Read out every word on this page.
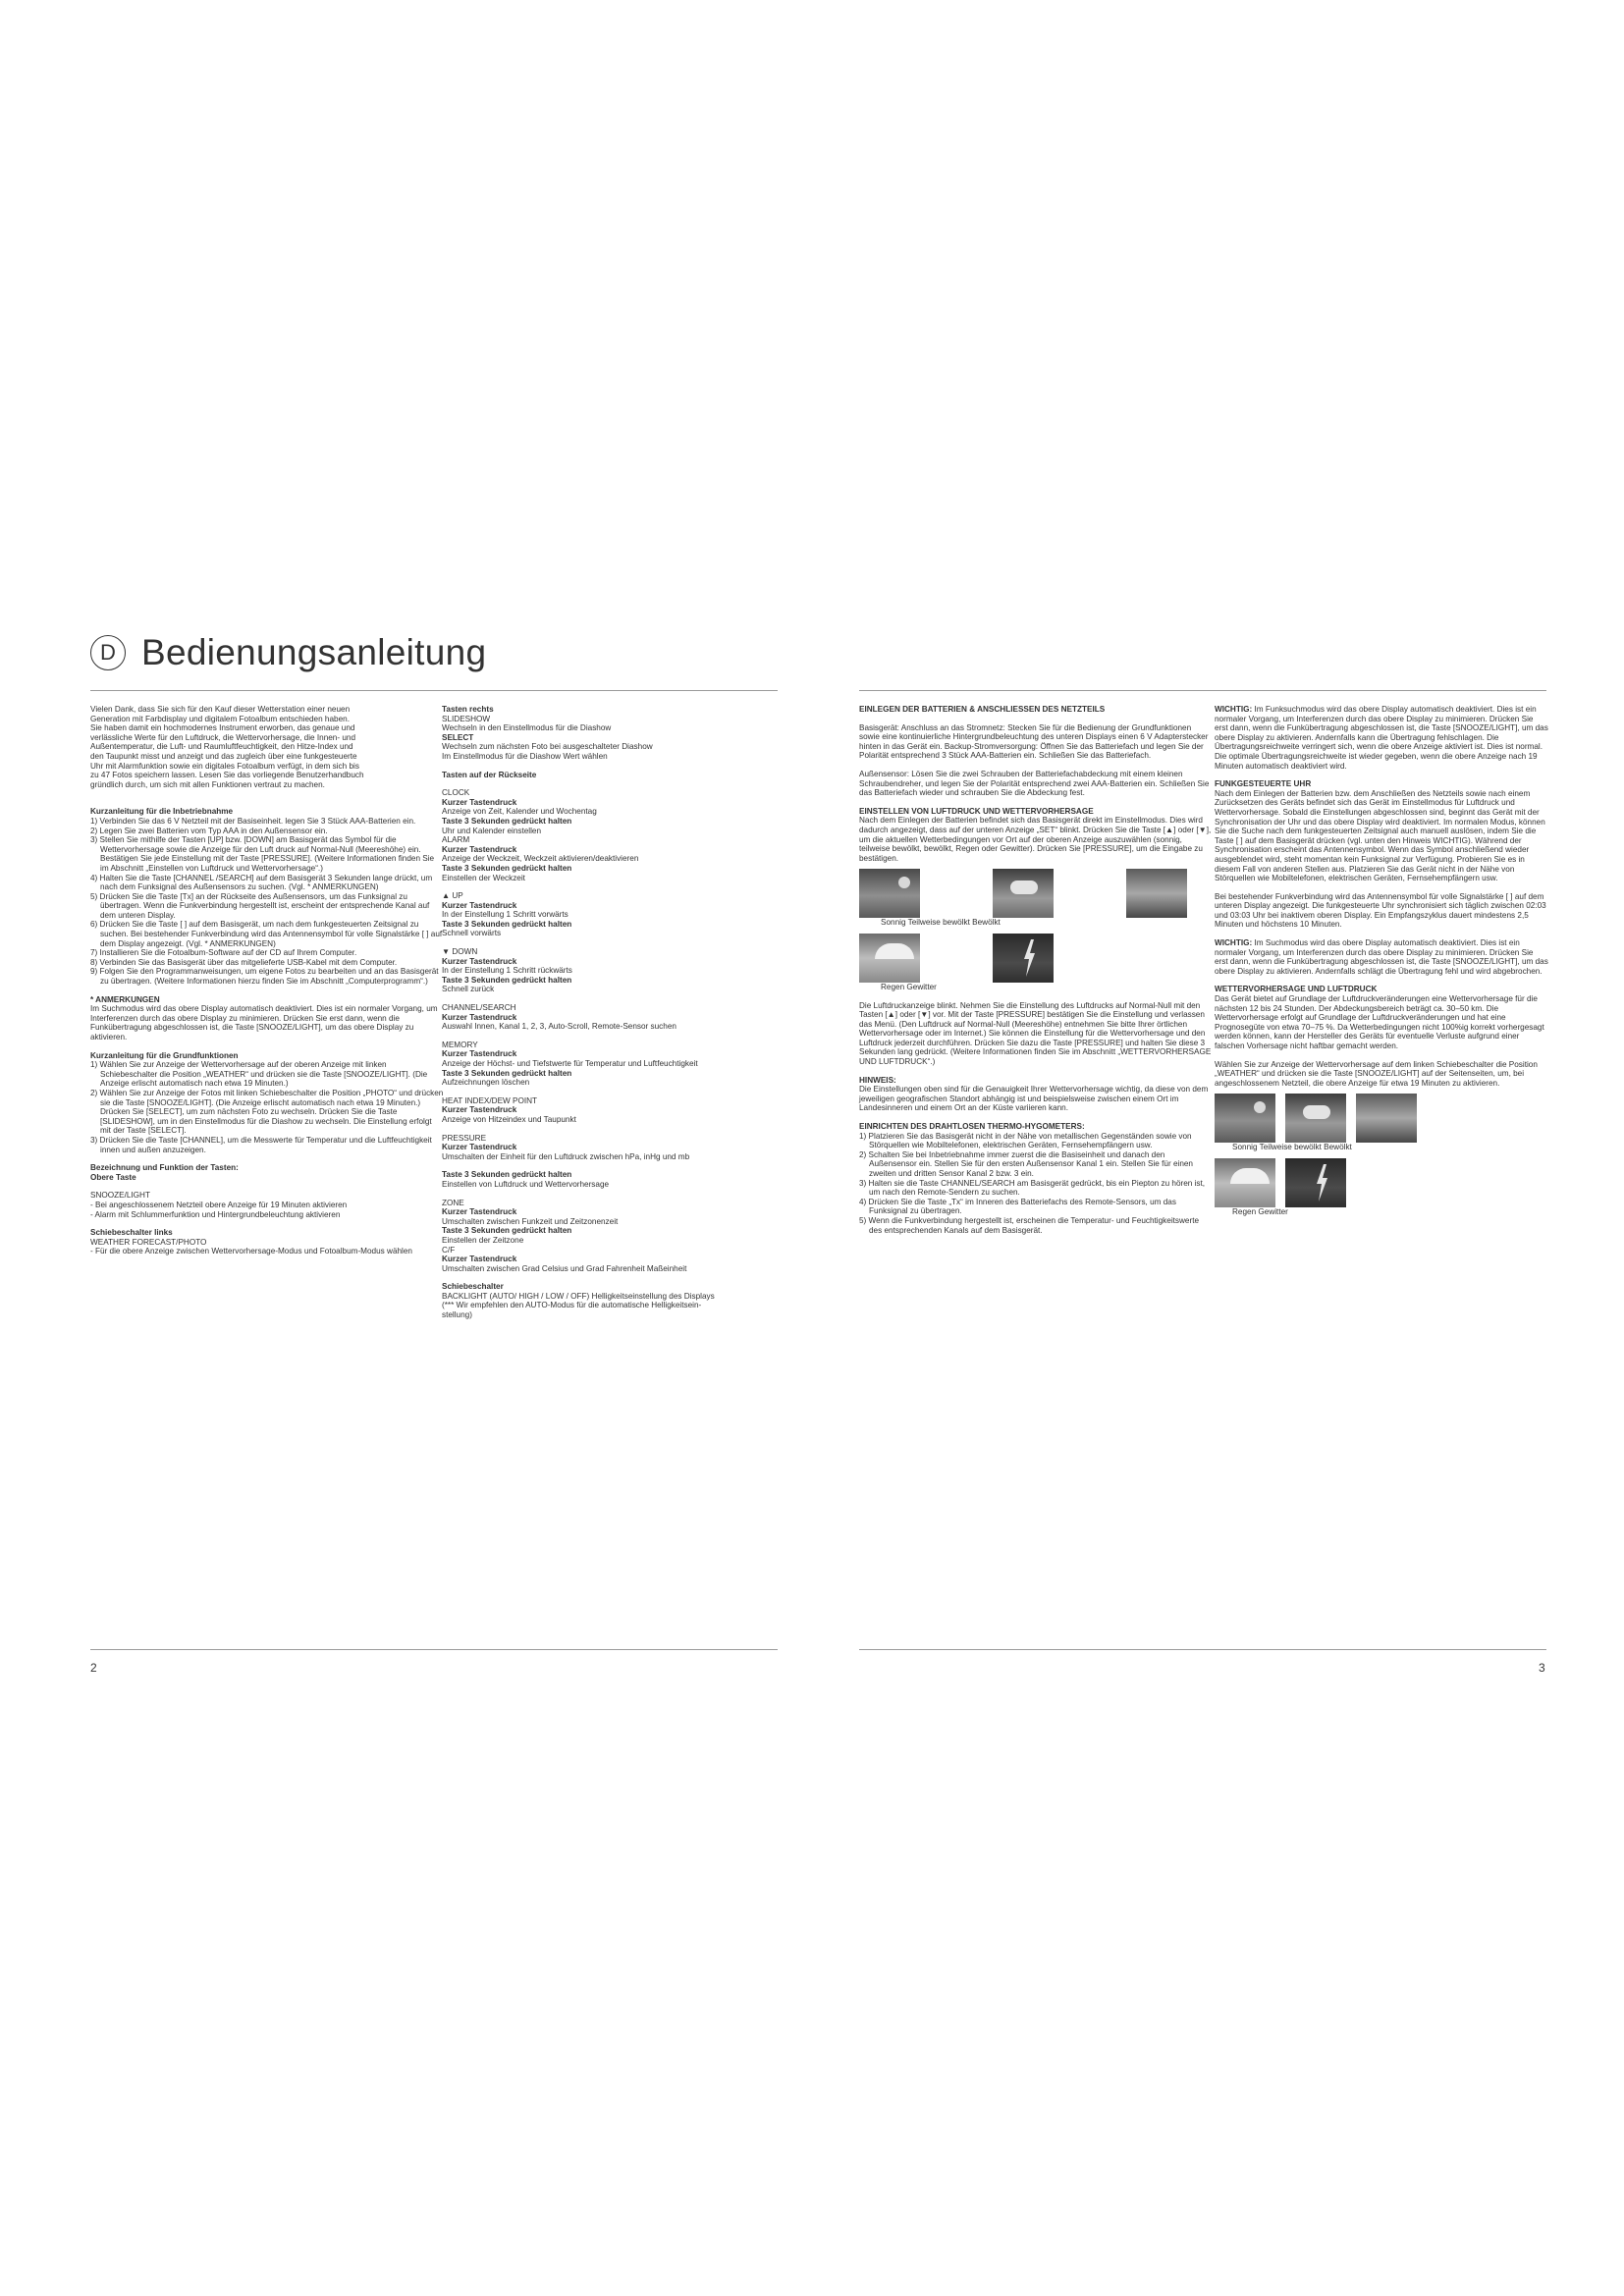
D Bedienungsanleitung

Vielen Dank, dass Sie sich für den Kauf dieser Wetterstation einer neuen

Generation mit Farbdisplay und digitalem Fotoalbum entschieden haben.

Sie haben damit ein hochmodernes Instrument erworben, das genaue und

verlässliche Werte für den Luftdruck, die Wettervorhersage, die Innen- und

Außentemperatur, die Luft- und Raumluftfeuchtigkeit, den Hitze-Index und

den Taupunkt misst und anzeigt und das zugleich über eine funkgesteuerte

Uhr mit Alarmfunktion sowie ein digitales Fotoalbum verfügt, in dem sich bis

zu 47 Fotos speichern lassen. Lesen Sie das vorliegende Benutzerhandbuch

gründlich durch, um sich mit allen Funktionen vertraut zu machen.

Kurzanleitung für die Inbetriebnahme

1) Verbinden Sie das 6 V Netzteil mit der Basiseinheit. legen Sie 3 Stück AAA-Batterien ein.

2) Legen Sie zwei Batterien vom Typ AAA in den Außensensor ein.

3) Stellen Sie mithilfe der Tasten [UP] bzw. [DOWN] am Basisgerät das Symbol für die Wettervorhersage sowie die Anzeige für den Luft druck auf Normal-Null (Meereshöhe) ein. Bestätigen Sie jede Einstellung mit der Taste [PRESSURE]. (Weitere Informationen finden Sie im Abschnitt „Einstellen von Luftdruck und Wettervorhersage“.)

4) Halten Sie die Taste [CHANNEL /SEARCH] auf dem Basisgerät 3 Sekunden lange drückt, um nach dem Funksignal des Außensensors zu suchen. (Vgl. * ANMERKUNGEN)

5) Drücken Sie die Taste [Tx] an der Rückseite des Außensensors, um das Funksignal zu übertragen. Wenn die Funkverbindung hergestellt ist, erscheint der entsprechende Kanal auf dem unteren Display.

6) Drücken Sie die Taste [ ] auf dem Basisgerät, um nach dem funkgesteuerten Zeitsignal zu suchen. Bei bestehender Funkverbindung wird das Antennensymbol für volle Signalstärke [ ] auf dem Display angezeigt. (Vgl. * ANMERKUNGEN)

7) Installieren Sie die Fotoalbum-Software auf der CD auf Ihrem Computer.

8) Verbinden Sie das Basisgerät über das mitgelieferte USB-Kabel mit dem Computer.

9) Folgen Sie den Programmanweisungen, um eigene Fotos zu bearbeiten und an das Basisgerät zu übertragen. (Weitere Informationen hierzu finden Sie im Abschnitt „Computerprogramm“.)

* ANMERKUNGEN

Im Suchmodus wird das obere Display automatisch deaktiviert. Dies ist ein normaler Vorgang, um Interferenzen durch das obere Display zu minimieren. Drücken Sie erst dann, wenn die Funkübertragung abgeschlossen ist, die Taste [SNOOZE/LIGHT], um das obere Display zu aktivieren.

Kurzanleitung für die Grundfunktionen

1) Wählen Sie zur Anzeige der Wettervorhersage auf der oberen Anzeige mit linken Schiebeschalter die Position „WEATHER“ und drücken sie die Taste [SNOOZE/LIGHT]. (Die Anzeige erlischt automatisch nach etwa 19 Minuten.)

2) Wählen Sie zur Anzeige der Fotos mit linken Schiebeschalter die Position „PHOTO“ und drücken sie die Taste [SNOOZE/LIGHT]. (Die Anzeige erlischt automatisch nach etwa 19 Minuten.) Drücken Sie [SELECT], um zum nächsten Foto zu wechseln. Drücken Sie die Taste [SLIDESHOW], um in den Einstellmodus für die Diashow zu wechseln. Die Einstellung erfolgt mit der Taste [SELECT].

3) Drücken Sie die Taste [CHANNEL], um die Messwerte für Temperatur und die Luftfeuchtigkeit innen und außen anzuzeigen.

Bezeichnung und Funktion der Tasten:

Obere Taste

SNOOZE/LIGHT

- Bei angeschlossenem Netzteil obere Anzeige für 19 Minuten aktivieren

- Alarm mit Schlummerfunktion und Hintergrundbeleuchtung aktivieren

Schiebeschalter links

WEATHER FORECAST/PHOTO

- Für die obere Anzeige zwischen Wettervorhersage-Modus und Fotoalbum-Modus wählen

Tasten rechts

SLIDESHOW

Wechseln in den Einstellmodus für die Diashow

SELECT

Wechseln zum nächsten Foto bei ausgeschalteter Diashow

Im Einstellmodus für die Diashow Wert wählen

Tasten auf der Rückseite

CLOCK

Kurzer Tastendruck

Anzeige von Zeit, Kalender und Wochentag

Taste 3 Sekunden gedrückt halten

Uhr und Kalender einstellen

ALARM

Kurzer Tastendruck

Anzeige der Weckzeit, Weckzeit aktivieren/deaktivieren

Taste 3 Sekunden gedrückt halten

Einstellen der Weckzeit

▲ UP

Kurzer Tastendruck

In der Einstellung 1 Schritt vorwärts

Taste 3 Sekunden gedrückt halten

Schnell vorwärts

▼ DOWN

Kurzer Tastendruck

In der Einstellung 1 Schritt rückwärts

Taste 3 Sekunden gedrückt halten

Schnell zurück

CHANNEL/SEARCH

Kurzer Tastendruck

Auswahl Innen, Kanal 1, 2, 3, Auto-Scroll, Remote-Sensor suchen

MEMORY

Kurzer Tastendruck

Anzeige der Höchst- und Tiefstwerte für Temperatur und Luftfeuchtigkeit

Taste 3 Sekunden gedrückt halten

Aufzeichnungen löschen

HEAT INDEX/DEW POINT

Kurzer Tastendruck

Anzeige von Hitzeindex und Taupunkt

PRESSURE

Kurzer Tastendruck

Umschalten der Einheit für den Luftdruck zwischen hPa, inHg und mb

Taste 3 Sekunden gedrückt halten

Einstellen von Luftdruck und Wettervorhersage

ZONE

Kurzer Tastendruck

Umschalten zwischen Funkzeit und Zeitzonenzeit

Taste 3 Sekunden gedrückt halten

Einstellen der Zeitzone

C/F

Kurzer Tastendruck

Umschalten zwischen Grad Celsius und Grad Fahrenheit Maßeinheit

Schiebeschalter

BACKLIGHT (AUTO/ HIGH / LOW / OFF) Helligkeitseinstellung des Displays

(*** Wir empfehlen den AUTO-Modus für die automatische Helligkeitsein-

stellung)

2

EINLEGEN DER BATTERIEN & ANSCHLIESSEN DES NETZTEILS

Basisgerät: Anschluss an das Stromnetz: Stecken Sie für die Bedienung der Grundfunktionen sowie eine kontinuierliche Hintergrundbeleuchtung des unteren Displays einen 6 V Adapterstecker hinten in das Gerät ein. Backup-Stromversorgung: Öffnen Sie das Batteriefach und legen Sie der Polarität entsprechend 3 Stück AAA-Batterien ein. Schließen Sie das Batteriefach.

Außensensor: Lösen Sie die zwei Schrauben der Batteriefachabdeckung mit einem kleinen Schraubendreher, und legen Sie der Polarität entsprechend zwei AAA-Batterien ein. Schließen Sie das Batteriefach wieder und schrauben Sie die Abdeckung fest.

EINSTELLEN VON LUFTDRUCK UND WETTERVORHERSAGE

Nach dem Einlegen der Batterien befindet sich das Basisgerät direkt im Einstellmodus. Dies wird dadurch angezeigt, dass auf der unteren Anzeige „SET“ blinkt. Drücken Sie die Taste [▲] oder [▼], um die aktuellen Wetterbedingungen vor Ort auf der oberen Anzeige auszuwählen (sonnig, teilweise bewölkt, bewölkt, Regen oder Gewitter). Drücken Sie [PRESSURE], um die Eingabe zu bestätigen.

Sonnig Teilweise bewölkt Bewölkt

Regen Gewitter

Die Luftdruckanzeige blinkt. Nehmen Sie die Einstellung des Luftdrucks auf Normal-Null mit den Tasten [▲] oder [▼] vor. Mit der Taste [PRESSURE] bestätigen Sie die Einstellung und verlassen das Menü. (Den Luftdruck auf Normal-Null (Meereshöhe) entnehmen Sie bitte Ihrer örtlichen Wettervorhersage oder im Internet.) Sie können die Einstellung für die Wettervorhersage und den Luftdruck jederzeit durchführen. Drücken Sie dazu die Taste [PRESSURE] und halten Sie diese 3 Sekunden lang gedrückt. (Weitere Informationen finden Sie im Abschnitt „WETTERVORHERSAGE UND LUFTDRUCK“.)

HINWEIS:

Die Einstellungen oben sind für die Genauigkeit Ihrer Wettervorhersage wichtig, da diese von dem jeweiligen geografischen Standort abhängig ist und beispielsweise zwischen einem Ort im Landesinneren und einem Ort an der Küste variieren kann.

EINRICHTEN DES DRAHTLOSEN THERMO-HYGOMETERS:

1) Platzieren Sie das Basisgerät nicht in der Nähe von metallischen Gegenständen sowie von Störquellen wie Mobiltelefonen, elektrischen Geräten, Fernsehempfängern usw.

2) Schalten Sie bei Inbetriebnahme immer zuerst die die Basiseinheit und danach den Außensensor ein. Stellen Sie für den ersten Außensensor Kanal 1 ein. Stellen Sie für einen zweiten und dritten Sensor Kanal 2 bzw. 3 ein.

3) Halten sie die Taste CHANNEL/SEARCH am Basisgerät gedrückt, bis ein Piepton zu hören ist, um nach den Remote-Sendern zu suchen.

4) Drücken Sie die Taste „Tx“ im Inneren des Batteriefachs des Remote-Sensors, um das Funksignal zu übertragen.

5) Wenn die Funkverbindung hergestellt ist, erscheinen die Temperatur- und Feuchtigkeitswerte des entsprechenden Kanals auf dem Basisgerät.

WICHTIG: Im Funksuchmodus wird das obere Display automatisch deaktiviert. Dies ist ein normaler Vorgang, um Interferenzen durch das obere Display zu minimieren. Drücken Sie erst dann, wenn die Funkübertragung abgeschlossen ist, die Taste [SNOOZE/LIGHT], um das obere Display zu aktivieren. Andernfalls kann die Übertragung fehlschlagen. Die Übertragungsreichweite verringert sich, wenn die obere Anzeige aktiviert ist. Dies ist normal. Die optimale Übertragungsreichweite ist wieder gegeben, wenn die obere Anzeige nach 19 Minuten automatisch deaktiviert wird.

FUNKGESTEUERTE UHR

Nach dem Einlegen der Batterien bzw. dem Anschließen des Netzteils sowie nach einem Zurücksetzen des Geräts befindet sich das Gerät im Einstellmodus für Luftdruck und Wettervorhersage. Sobald die Einstellungen abgeschlossen sind, beginnt das Gerät mit der Synchronisation der Uhr und das obere Display wird deaktiviert. Im normalen Modus, können Sie die Suche nach dem funkgesteuerten Zeitsignal auch manuell auslösen, indem Sie die Taste [ ] auf dem Basisgerät drücken (vgl. unten den Hinweis WICHTIG). Während der Synchronisation erscheint das Antennensymbol. Wenn das Symbol anschließend wieder ausgeblendet wird, steht momentan kein Funksignal zur Verfügung. Probieren Sie es in diesem Fall von anderen Stellen aus. Platzieren Sie das Gerät nicht in der Nähe von Störquellen wie Mobiltelefonen, elektrischen Geräten, Fernsehempfängern usw.

Bei bestehender Funkverbindung wird das Antennensymbol für volle Signalstärke [ ] auf dem unteren Display angezeigt. Die funkgesteuerte Uhr synchronisiert sich täglich zwischen 02:03 und 03:03 Uhr bei inaktivem oberen Display. Ein Empfangszyklus dauert mindestens 2,5 Minuten und höchstens 10 Minuten.

WICHTIG: Im Suchmodus wird das obere Display automatisch deaktiviert. Dies ist ein normaler Vorgang, um Interferenzen durch das obere Display zu minimieren. Drücken Sie erst dann, wenn die Funkübertragung abgeschlossen ist, die Taste [SNOOZE/LIGHT], um das obere Display zu aktivieren. Andernfalls schlägt die Übertragung fehl und wird abgebrochen.

WETTERVORHERSAGE UND LUFTDRUCK

Das Gerät bietet auf Grundlage der Luftdruckveränderungen eine Wettervorhersage für die nächsten 12 bis 24 Stunden. Der Abdeckungsbereich beträgt ca. 30–50 km. Die Wettervorhersage erfolgt auf Grundlage der Luftdruckveränderungen und hat eine Prognosegüte von etwa 70–75 %. Da Wetterbedingungen nicht 100%ig korrekt vorhergesagt werden können, kann der Hersteller des Geräts für eventuelle Verluste aufgrund einer falschen Vorhersage nicht haftbar gemacht werden.

Wählen Sie zur Anzeige der Wettervorhersage auf dem linken Schiebeschalter die Position „WEATHER“ und drücken sie die Taste [SNOOZE/LIGHT] auf der Seitenseiten, um, bei angeschlossenem Netzteil, die obere Anzeige für etwa 19 Minuten zu aktivieren.

Sonnig Teilweise bewölkt Bewölkt

Regen Gewitter

3
